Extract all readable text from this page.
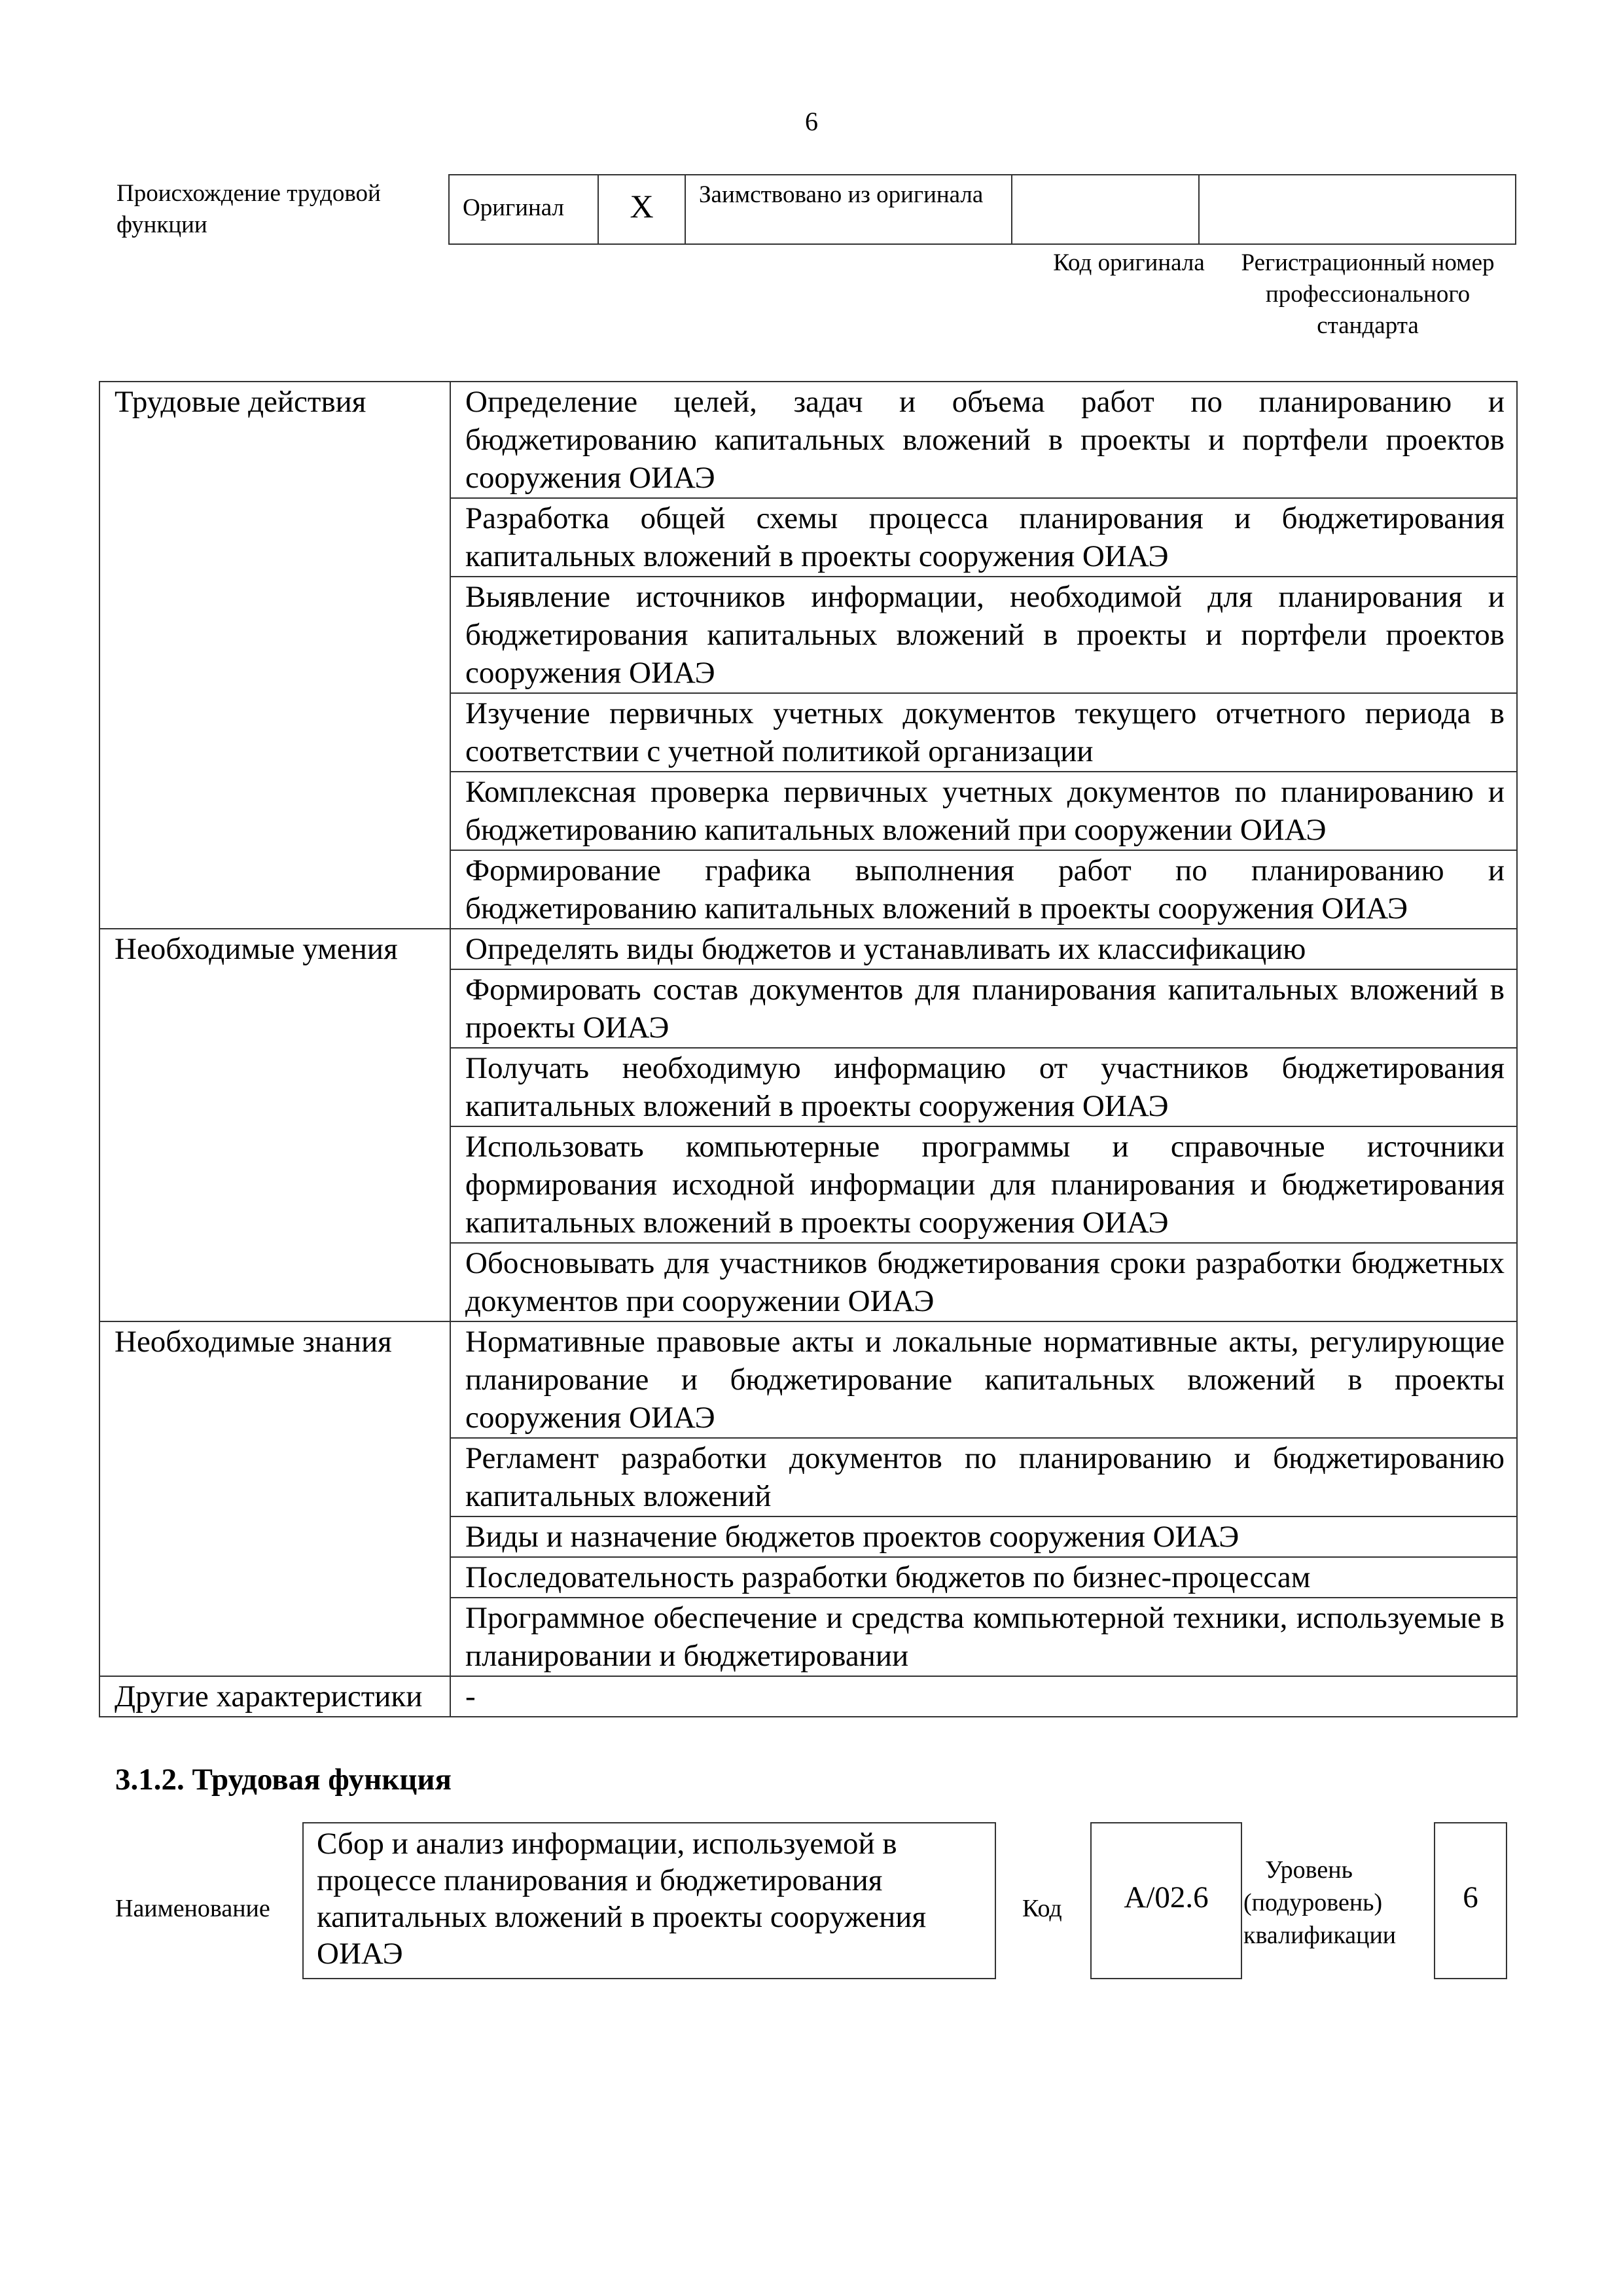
6
Происхождение трудовой функции
Оригинал	X	Заимствовано из оригинала
Код оригинала	Регистрационный номер профессионального стандарта
Трудовые действия	Определение целей, задач и объема работ по планированию и бюджетированию капитальных вложений в проекты и портфели проектов сооружения ОИАЭ
	Разработка общей схемы процесса планирования и бюджетирования капитальных вложений в проекты сооружения ОИАЭ
	Выявление источников информации, необходимой для планирования и бюджетирования капитальных вложений в проекты и портфели проектов сооружения ОИАЭ
	Изучение первичных учетных документов текущего отчетного периода в соответствии с учетной политикой организации
	Комплексная проверка первичных учетных документов по планированию и бюджетированию капитальных вложений при сооружении ОИАЭ
	Формирование графика выполнения работ по планированию и бюджетированию капитальных вложений в проекты сооружения ОИАЭ
Необходимые умения	Определять виды бюджетов и устанавливать их классификацию
	Формировать состав документов для планирования капитальных вложений в проекты ОИАЭ
	Получать необходимую информацию от участников бюджетирования капитальных вложений в проекты сооружения ОИАЭ
	Использовать компьютерные программы и справочные источники формирования исходной информации для планирования и бюджетирования капитальных вложений в проекты сооружения ОИАЭ
	Обосновывать для участников бюджетирования сроки разработки бюджетных документов при сооружении ОИАЭ
Необходимые знания	Нормативные правовые акты и локальные нормативные акты, регулирующие планирование и бюджетирование капитальных вложений в проекты сооружения ОИАЭ
	Регламент разработки документов по планированию и бюджетированию капитальных вложений
	Виды и назначение бюджетов проектов сооружения ОИАЭ
	Последовательность разработки бюджетов по бизнес-процессам
	Программное обеспечение и средства компьютерной техники, используемые в планировании и бюджетировании
Другие характеристики	-
3.1.2. Трудовая функция
Наименование
Сбор и анализ информации, используемой в процессе планирования и бюджетирования капитальных вложений в проекты сооружения ОИАЭ
Код	А/02.6
Уровень (подуровень) квалификации
6
